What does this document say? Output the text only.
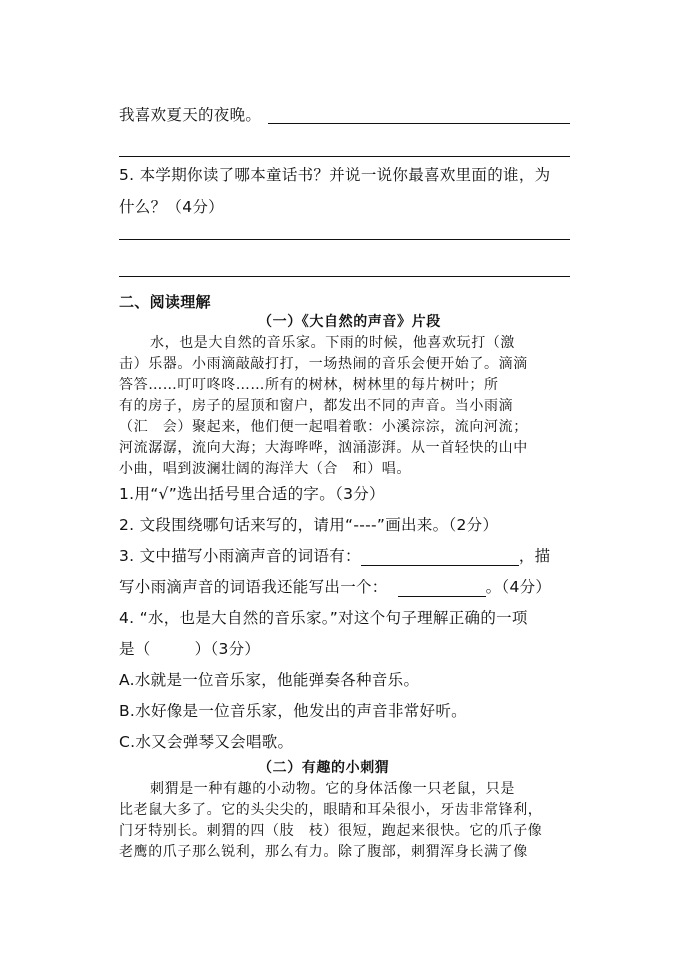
我喜欢夏天的夜晚。
5. 本学期你读了哪本童话书？并说一说你最喜欢里面的谁，为
什么？（4分）
二、阅读理解
（一）《大自然的声音》片段
水，也是大自然的音乐家。下雨的时候，他喜欢玩打（激
击）乐器。小雨滴敲敲打打，一场热闹的音乐会便开始了。滴滴
答答……叮叮咚咚……所有的树林，树林里的每片树叶；所
有的房子，房子的屋顶和窗户，都发出不同的声音。当小雨滴
（汇　会）聚起来，他们便一起唱着歌：小溪淙淙，流向河流；
河流潺潺，流向大海；大海哗哗，汹涌澎湃。从一首轻快的山中
小曲，唱到波澜壮阔的海洋大（合　和）唱。
1.用“√”选出括号里合适的字。（3分）
2. 文段围绕哪句话来写的，请用“----”画出来。（2分）
3. 文中描写小雨滴声音的词语有：	，描
写小雨滴声音的词语我还能写出一个：	。（4分）
4. “水，也是大自然的音乐家。”对这个句子理解正确的一项
是（	）（3分）
A.水就是一位音乐家，他能弹奏各种音乐。
B.水好像是一位音乐家，他发出的声音非常好听。
C.水又会弹琴又会唱歌。
（二）有趣的小刺猬
刺猬是一种有趣的小动物。它的身体活像一只老鼠，只是
比老鼠大多了。它的头尖尖的，眼睛和耳朵很小，牙齿非常锋利，
门牙特别长。刺猬的四（肢　枝）很短，跑起来很快。它的爪子像
老鹰的爪子那么锐利，那么有力。除了腹部，刺猬浑身长满了像
